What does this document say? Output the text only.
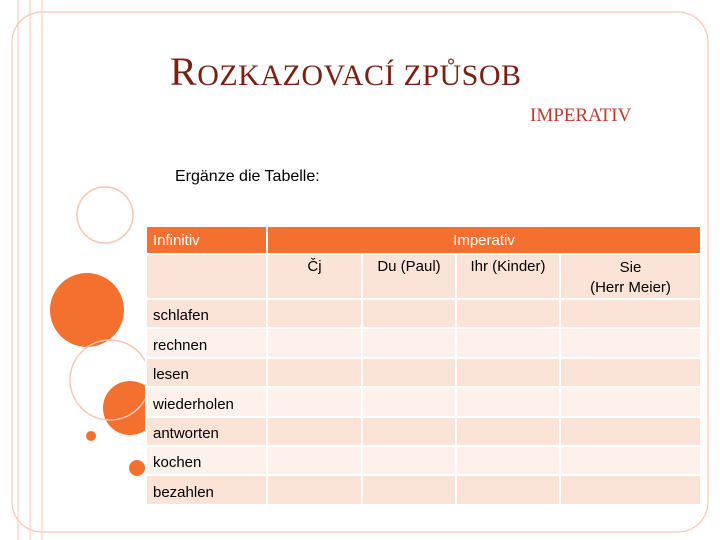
ROZKAZOVACÍ ZPŮSOB
IMPERATIV
Ergänze die Tabelle:
Infinitiv	Imperativ			
	Čj	Du (Paul)	Ihr (Kinder)	Sie
(Herr Meier)

schlafen				
rechnen				
lesen				
wiederholen				
antworten				
kochen				
bezahlen				
